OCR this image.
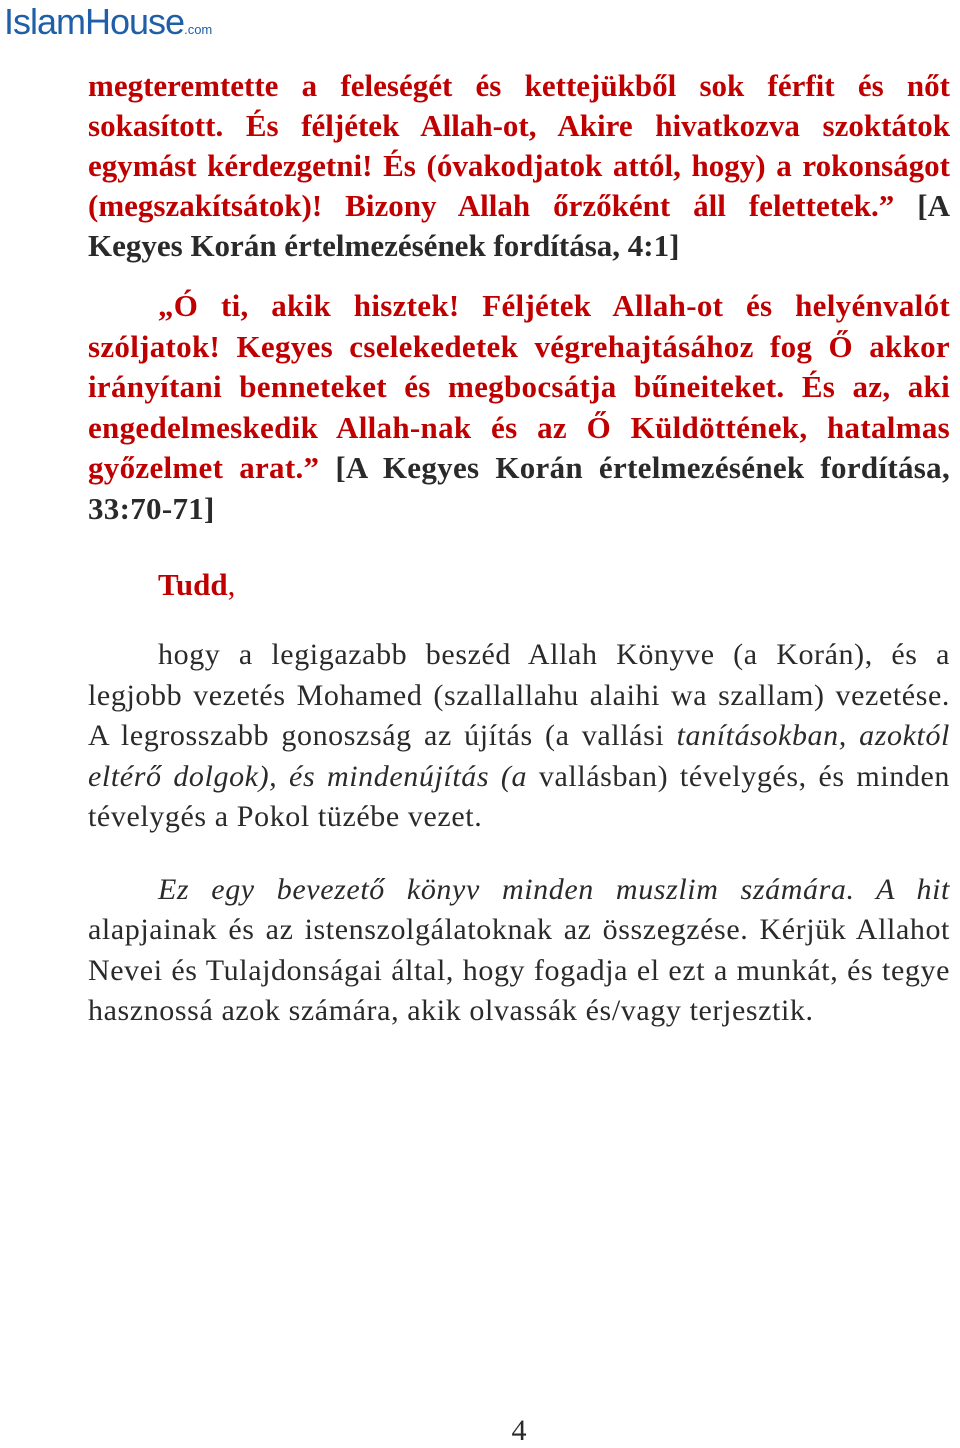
IslamHouse.com

megteremtette a feleségét és kettejükből sok férfit és nőt sokasított. És féljétek Allah-ot, Akire hivatkozva szoktátok egymást kérdezgetni! És (óvakodjatok attól, hogy) a rokonságot (megszakítsátok)! Bizony Allah őrzőként áll felettetek.” [A Kegyes Korán értelmezésének fordítása, 4:1]

„Ó ti, akik hisztek! Féljétek Allah-ot és helyénvalót szóljatok! Kegyes cselekedetek végrehajtásához fog Ő akkor irányítani benneteket és megbocsátja bűneiteket. És az, aki engedelmeskedik Allah-nak és az Ő Küldöttének, hatalmas győzelmet arat.” [A Kegyes Korán értelmezésének fordítása, 33:70-71]

Tudd,

hogy a legigazabb beszéd Allah Könyve (a Korán), és a legjobb vezetés Mohamed (szallallahu alaihi wa szallam) vezetése. A legrosszabb gonoszság az újítás (a vallási tanításokban, azoktól eltérő dolgok), és mindenújítás (a vallásban) tévelygés, és minden tévelygés a Pokol tüzébe vezet.

Ez egy bevezető könyv minden muszlim számára. A hit alapjainak és az istenszolgálatoknak az összegzése. Kérjük Allahot Nevei és Tulajdonságai által, hogy fogadja el ezt a munkát, és tegye hasznossá azok számára, akik olvassák és/vagy terjesztik.

4
